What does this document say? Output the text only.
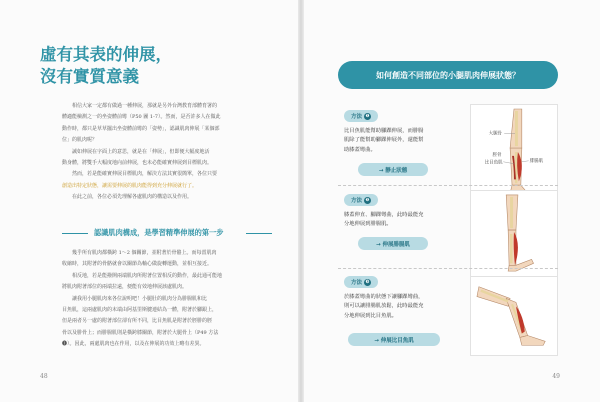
虛有其表的伸展，
沒有實質意義
相信大家一定都有做過一種伸展，那就是另外台灣教育部體育署的
體適能檢測之一的坐姿體前彎（P50 圖 1-7）。然而，是否許多人在做此
動作時，都只是草草擺出坐姿體前彎的「姿勢」，認識肌肉伸展「某個部
位」的肌肉呢？
誠如伸展在字面上的意思，就是在「伸展」，但即便大幅度地活
動身體，將雙手大幅度地向前伸展，也未必能確實伸展到目標肌肉。
然而，若是能確實伸展目標肌肉，解決方法其實很簡單，各位只要
創造出特定狀態，讓需要伸展的肌肉能得到充分伸展就行了。
在此之前，各位必須先理解各處肌肉的構造以及作用。
認識肌肉構成，是學習精準伸展的第一步
幾乎所有肌肉都橫跨 1～2 個關節，並附著於骨骼上。而每當肌肉
收縮時，其附著的骨骼就會以關節為軸心做旋轉運動，並相互接近。
相反地，若是能撥開兩端肌肉所附著位置相反的動作，最此通可能地
將肌肉附著部位的兩端拉遠，便能有效地伸展該處肌肉。
讓我用小腿肌肉來各位說明吧！小腿肚的肌肉分為腓腸肌和比
目魚肌，這兩處肌肉的末端由阿基里斯腱連結為一體，附著於腳跟上，
但是兩者另一處的附著部位卻有所不同，比目魚肌是附著於脛腓的脛
骨以及腓骨上；而腓腸肌則是橫跨膝關節，附著於大腿骨上（P49 方法
❶）。因此，兩處肌肉也在作用，以及在伸展的功效上略有差異。
48
如何創造不同部位的小腿肌肉伸展狀態？
方法 ❶
比目魚肌能幫助腳踝伸展，而腓腸
肌除了能幫助腳踝伸展外，還能幫
助膝蓋彎曲。
→ 靜止狀態
大腿骨
脛骨
比目魚肌	腓腸肌
方法 ❷
膝蓋伸直、腳踝彎曲，此時最能充
分地伸展到腓腸肌。
→ 伸展腓腸肌
方法 ❸
於膝蓋彎曲的狀態下讓腳踝彎曲，
則可以讓腓腸肌放鬆，此時最能充
分地伸展到比目魚肌。
→ 伸展比目魚肌
49
